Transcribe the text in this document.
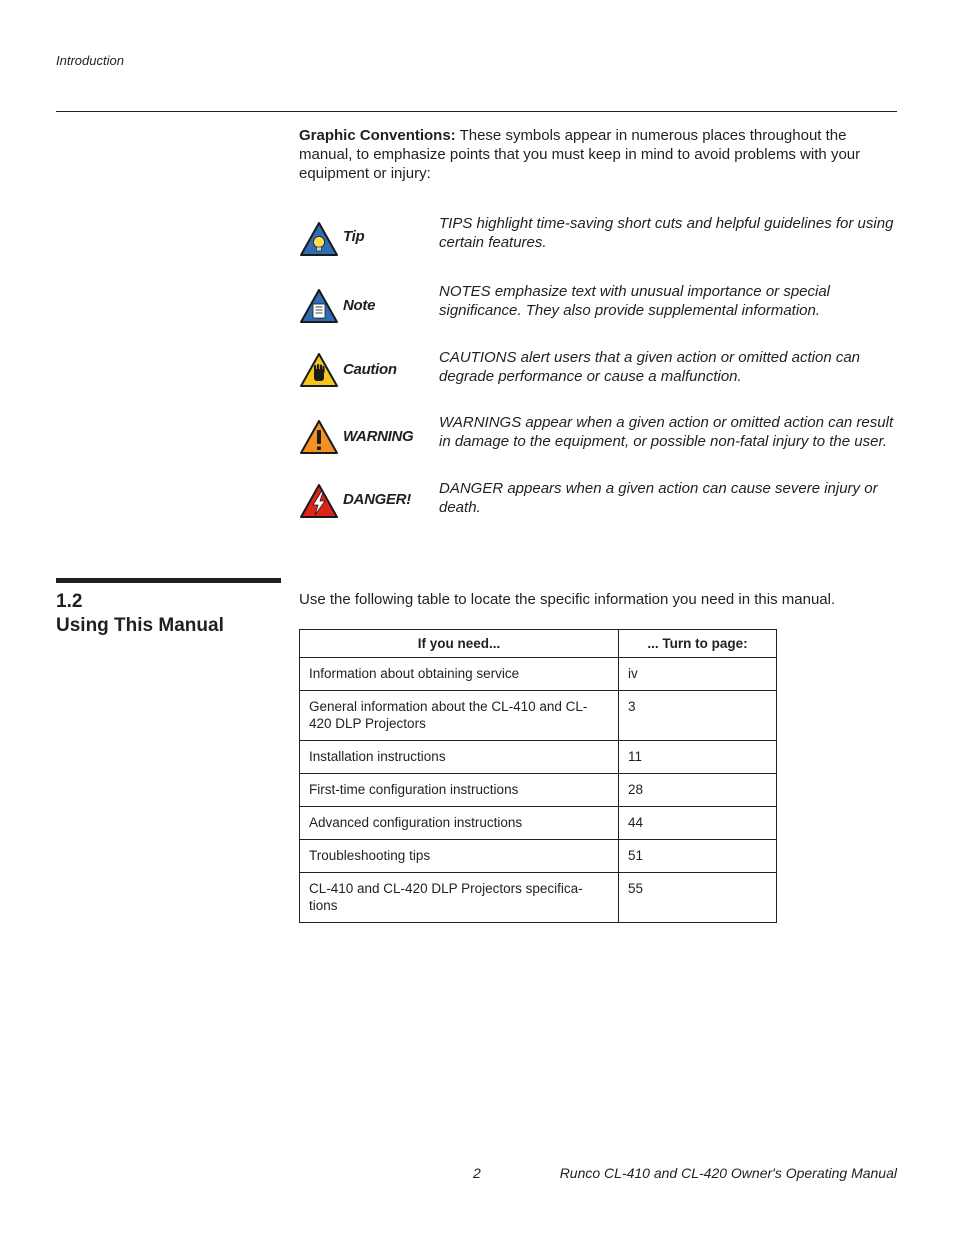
Introduction
Graphic Conventions: These symbols appear in numerous places throughout the manual, to emphasize points that you must keep in mind to avoid problems with your equipment or injury:
Tip
TIPS highlight time-saving short cuts and helpful guidelines for using certain features.
Note
NOTES emphasize text with unusual importance or special significance. They also provide supplemental information.
Caution
CAUTIONS alert users that a given action or omitted action can degrade performance or cause a malfunction.
WARNING
WARNINGS appear when a given action or omitted action can result in damage to the equipment, or possible non-fatal injury to the user.
DANGER!
DANGER appears when a given action can cause severe injury or death.
1.2
Using This Manual
Use the following table to locate the specific information you need in this manual.
If you need...	... Turn to page:
Information about obtaining service	iv
General information about the CL-410 and CL-420 DLP Projectors	3
Installation instructions	11
First-time configuration instructions	28
Advanced configuration instructions	44
Troubleshooting tips	51
CL-410 and CL-420 DLP Projectors specifica-tions	55
2	Runco CL-410 and CL-420 Owner's Operating Manual
